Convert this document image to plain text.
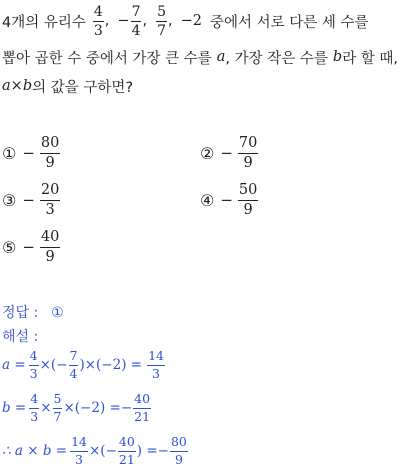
4개의 유리수 $\frac{4}{3}$ , − $\frac{7}{4}$ , $\frac{5}{7}$ , −2 중에서 서로 다른 세 수를
뽑아 곱한 수 중에서 가장 큰 수를 a , 가장 작은 수를 b 라 할 때,
a × b 의 값을 구하면?
① − $\frac{80}{9}$	② − $\frac{70}{9}$
③ − $\frac{20}{3}$	④ − $\frac{50}{9}$
⑤ − $\frac{40}{9}$
정답 : ①
해설 :
$a = \frac{4}{3}$ ×(− $\frac{7}{4} )\times(-2) = \frac{14}{3}$
$b = \frac{4}{3} \times \frac{5}{7} \times(-2) =- \frac{40}{21}$
∴ $a \times b = \frac{14}{3}$ ×(− $\frac{40}{21}$ ) =− $\frac{80}{9}$
